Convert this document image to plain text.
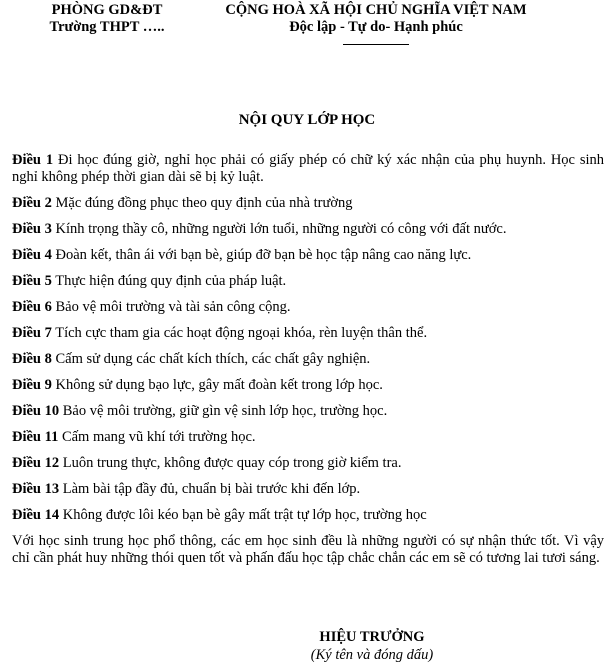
PHÒNG GD&ĐT
Trường THPT …..
CỘNG HOÀ XÃ HỘI CHỦ NGHĨA VIỆT NAM
Độc lập - Tự do- Hạnh phúc
NỘI QUY LỚP HỌC

Điều 1 Đi học đúng giờ, nghỉ học phải có giấy phép có chữ ký xác nhận của phụ huynh. Học sinh nghỉ không phép thời gian dài sẽ bị kỷ luật.

Điều 2 Mặc đúng đồng phục theo quy định của nhà trường

Điều 3 Kính trọng thầy cô, những người lớn tuổi, những người có công với đất nước.

Điều 4 Đoàn kết, thân ái với bạn bè, giúp đỡ bạn bè học tập nâng cao năng lực.

Điều 5 Thực hiện đúng quy định của pháp luật.

Điều 6 Bảo vệ môi trường và tài sản công cộng.

Điều 7 Tích cực tham gia các hoạt động ngoại khóa, rèn luyện thân thể.

Điều 8 Cấm sử dụng các chất kích thích, các chất gây nghiện.

Điều 9 Không sử dụng bạo lực, gây mất đoàn kết trong lớp học.

Điều 10 Bảo vệ môi trường, giữ gìn vệ sinh lớp học, trường học.

Điều 11 Cấm mang vũ khí tới trường học.

Điều 12 Luôn trung thực, không được quay cóp trong giờ kiểm tra.

Điều 13 Làm bài tập đầy đủ, chuẩn bị bài trước khi đến lớp.

Điều 14 Không được lôi kéo bạn bè gây mất trật tự lớp học, trường học

Với học sinh trung học phổ thông, các em học sinh đều là những người có sự nhận thức tốt. Vì vậy chỉ cần phát huy những thói quen tốt và phấn đấu học tập chắc chắn các em sẽ có tương lai tươi sáng.

HIỆU TRƯỞNG
(Ký tên và đóng dấu)
